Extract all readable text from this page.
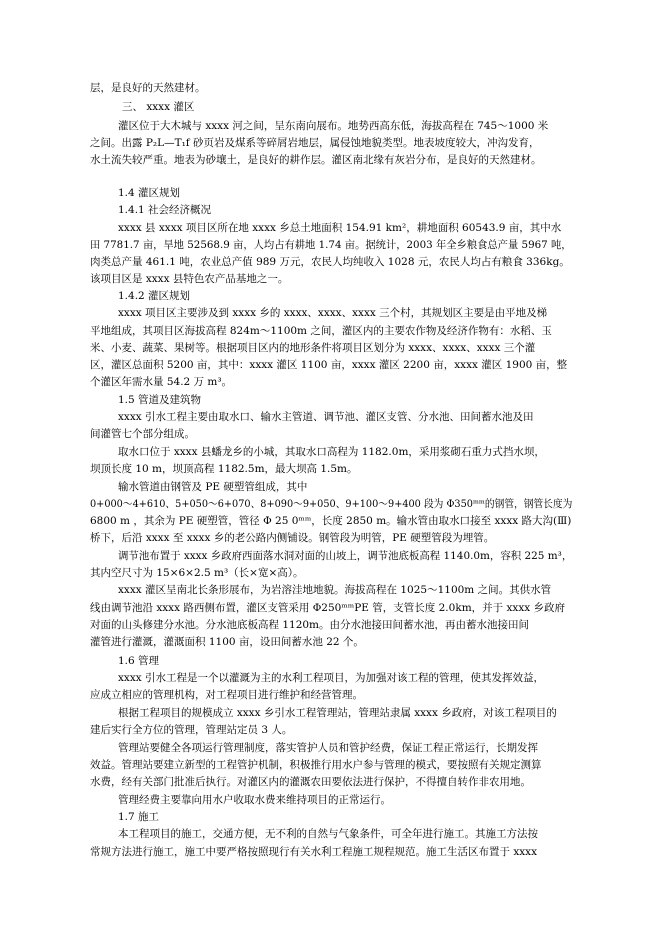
层，是良好的天然建材。
三、 xxxx 灌区
灌区位于大木城与 xxxx 河之间，呈东南向展布。地势西高东低，海拔高程在 745～1000 米
之间。出露 P₂L—T₁f 砂页岩及煤系等碎屑岩地层，属侵蚀地貌类型。地表坡度较大，冲沟发育，
水土流失较严重。地表为砂壤土，是良好的耕作层。灌区南北缘有灰岩分布，是良好的天然建材。
1.4 灌区规划
1.4.1 社会经济概况
xxxx 县 xxxx 项目区所在地 xxxx 乡总土地面积 154.91 km²，耕地面积 60543.9 亩，其中水
田 7781.7 亩，旱地 52568.9 亩，人均占有耕地 1.74 亩。据统计，2003 年全乡粮食总产量 5967 吨，
肉类总产量 461.1 吨，农业总产值 989 万元，农民人均纯收入 1028 元，农民人均占有粮食 336kg。
该项目区是 xxxx 县特色农产品基地之一。
1.4.2 灌区规划
xxxx 项目区主要涉及到 xxxx 乡的 xxxx、xxxx、xxxx 三个村，其规划区主要是由平地及梯
平地组成，其项目区海拔高程 824m～1100m 之间，灌区内的主要农作物及经济作物有：水稻、玉
米、小麦、蔬菜、果树等。根据项目区内的地形条件将项目区划分为 xxxx、xxxx、xxxx 三个灌
区，灌区总面积 5200 亩，其中：xxxx 灌区 1100 亩，xxxx 灌区 2200 亩，xxxx 灌区 1900 亩，整
个灌区年需水量 54.2 万 m³。
1.5 管道及建筑物
xxxx 引水工程主要由取水口、输水主管道、调节池、灌区支管、分水池、田间蓄水池及田
间灌管七个部分组成。
取水口位于 xxxx 县蟠龙乡的小城，其取水口高程为 1182.0m，采用浆砌石重力式挡水坝，
坝顶长度 10 m，坝顶高程 1182.5m，最大坝高 1.5m。
输水管道由钢管及 PE 硬塑管组成，其中
0+000～4+610、5+050～6+070、8+090～9+050、9+100～9+400 段为 Φ350ᵐᵐ的钢管，钢管长度为
6800 m ，其余为 PE 硬塑管，管径 Φ 25 0ᵐᵐ，长度 2850 m。输水管由取水口接至 xxxx 路大沟(Ⅲ)
桥下，后沿 xxxx 至 xxxx 乡的老公路内侧铺设。钢管段为明管，PE 硬塑管段为埋管。
调节池布置于 xxxx 乡政府西面落水洞对面的山坡上，调节池底板高程 1140.0m，容积 225 m³，
其内空尺寸为 15×6×2.5 m³（长×宽×高）。
xxxx 灌区呈南北长条形展布，为岩溶洼地地貌。海拔高程在 1025～1100m 之间。其供水管
线由调节池沿 xxxx 路西侧布置，灌区支管采用 Φ250ᵐᵐPE 管，支管长度 2.0km，并于 xxxx 乡政府
对面的山头修建分水池。分水池底板高程 1120m。由分水池接田间蓄水池，再由蓄水池接田间
灌管进行灌溉，灌溉面积 1100 亩，设田间蓄水池 22 个。
1.6 管理
xxxx 引水工程是一个以灌溉为主的水利工程项目，为加强对该工程的管理，使其发挥效益，
应成立相应的管理机构，对工程项目进行维护和经营管理。
根据工程项目的规模成立 xxxx 乡引水工程管理站，管理站隶属 xxxx 乡政府，对该工程项目的
建后实行全方位的管理，管理站定员 3 人。
管理站要健全各项运行管理制度，落实管护人员和管护经费，保证工程正常运行，长期发挥
效益。管理站要建立新型的工程管护机制，积极推行用水户参与管理的模式，要按照有关规定测算
水费，经有关部门批准后执行。对灌区内的灌溉农田要依法进行保护，不得擅自转作非农用地。
管理经费主要靠向用水户收取水费来维持项目的正常运行。
1.7 施工
本工程项目的施工，交通方便，无不利的自然与气象条件，可全年进行施工。其施工方法按
常规方法进行施工，施工中要严格按照现行有关水利工程施工规程规范。施工生活区布置于 xxxx
